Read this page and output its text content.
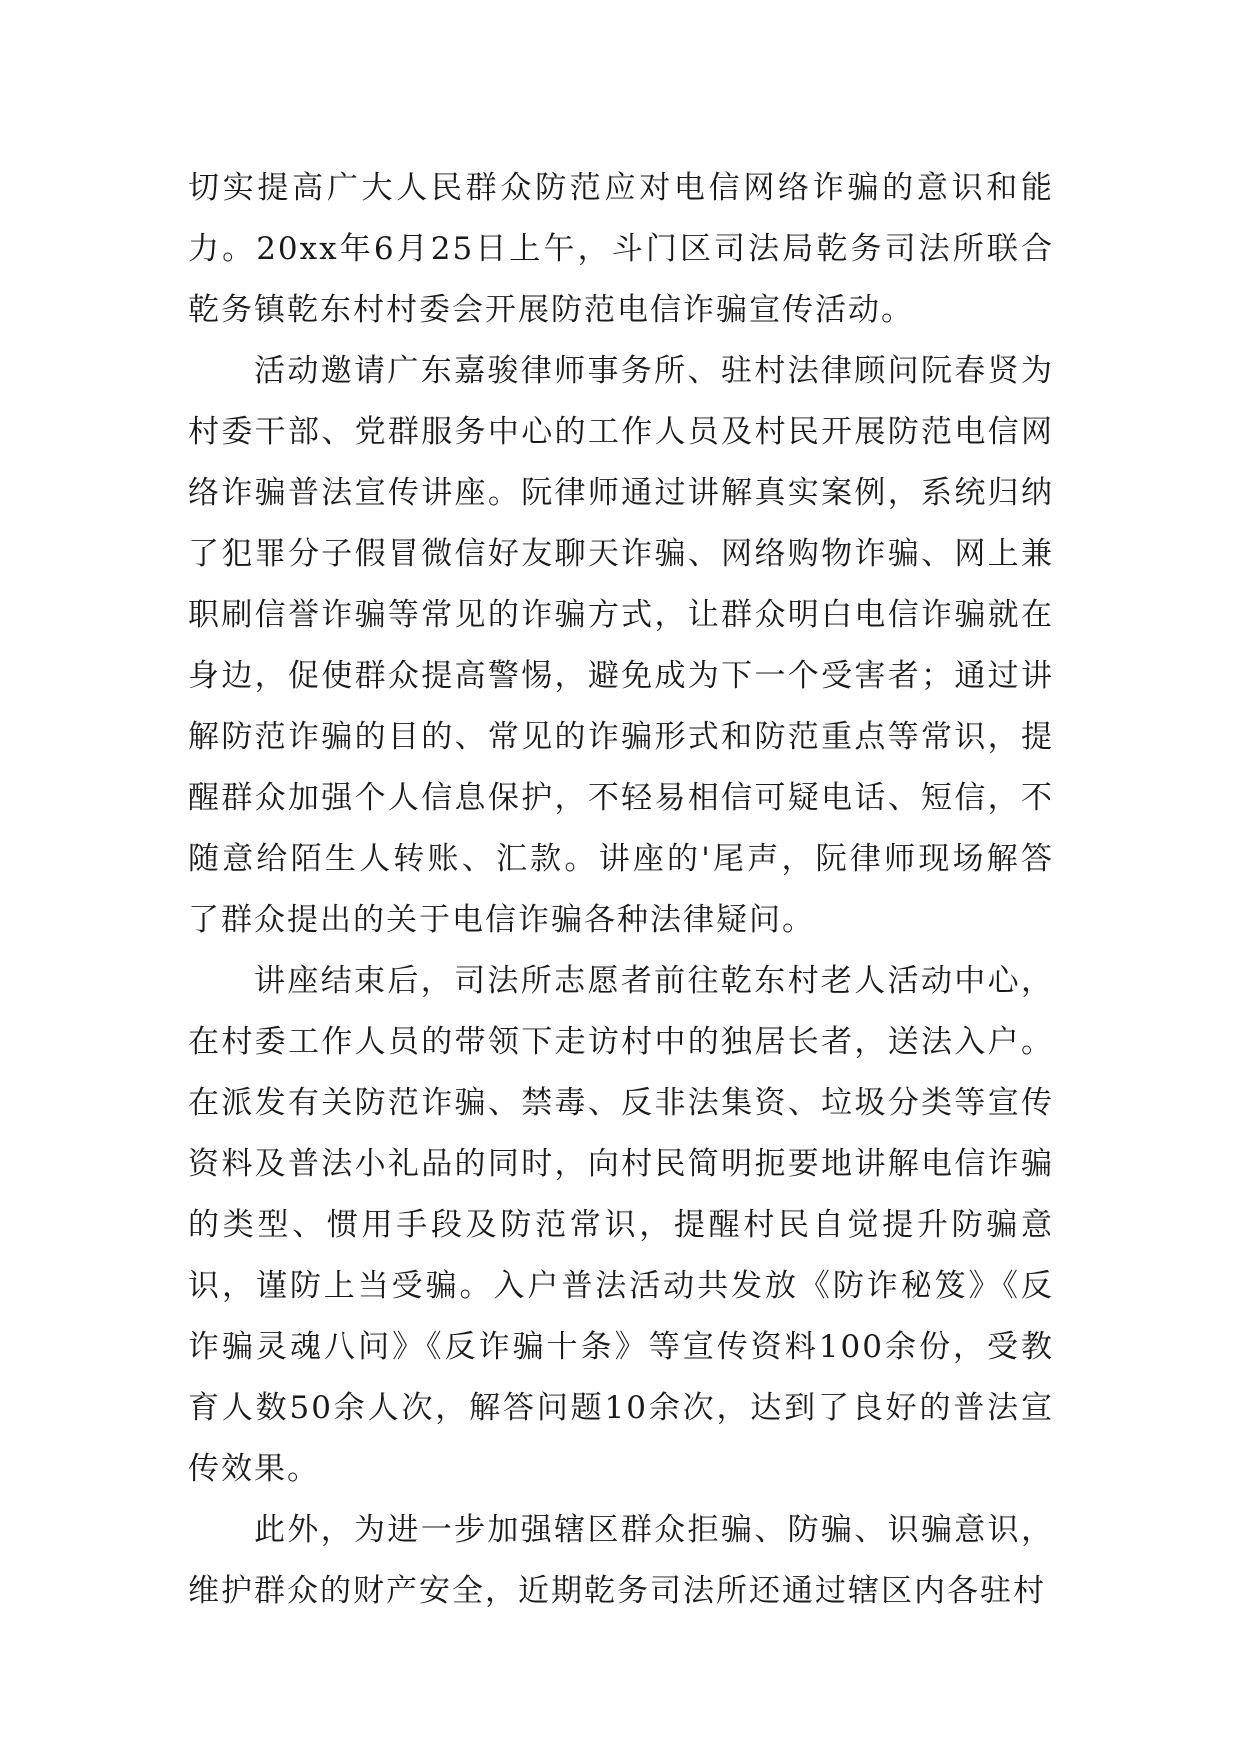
切实提高广大人民群众防范应对电信网络诈骗的意识和能力。20xx年6月25日上午，斗门区司法局乾务司法所联合乾务镇乾东村村委会开展防范电信诈骗宣传活动。

活动邀请广东嘉骏律师事务所、驻村法律顾问阮春贤为村委干部、党群服务中心的工作人员及村民开展防范电信网络诈骗普法宣传讲座。阮律师通过讲解真实案例，系统归纳了犯罪分子假冒微信好友聊天诈骗、网络购物诈骗、网上兼职刷信誉诈骗等常见的诈骗方式，让群众明白电信诈骗就在身边，促使群众提高警惕，避免成为下一个受害者；通过讲解防范诈骗的目的、常见的诈骗形式和防范重点等常识，提醒群众加强个人信息保护，不轻易相信可疑电话、短信，不随意给陌生人转账、汇款。讲座的'尾声，阮律师现场解答了群众提出的关于电信诈骗各种法律疑问。

讲座结束后，司法所志愿者前往乾东村老人活动中心，在村委工作人员的带领下走访村中的独居长者，送法入户。在派发有关防范诈骗、禁毒、反非法集资、垃圾分类等宣传资料及普法小礼品的同时，向村民简明扼要地讲解电信诈骗的类型、惯用手段及防范常识，提醒村民自觉提升防骗意识，谨防上当受骗。入户普法活动共发放《防诈秘笈》《反诈骗灵魂八问》《反诈骗十条》等宣传资料100余份，受教育人数50余人次，解答问题10余次，达到了良好的普法宣传效果。

此外，为进一步加强辖区群众拒骗、防骗、识骗意识，维护群众的财产安全，近期乾务司法所还通过辖区内各驻村
